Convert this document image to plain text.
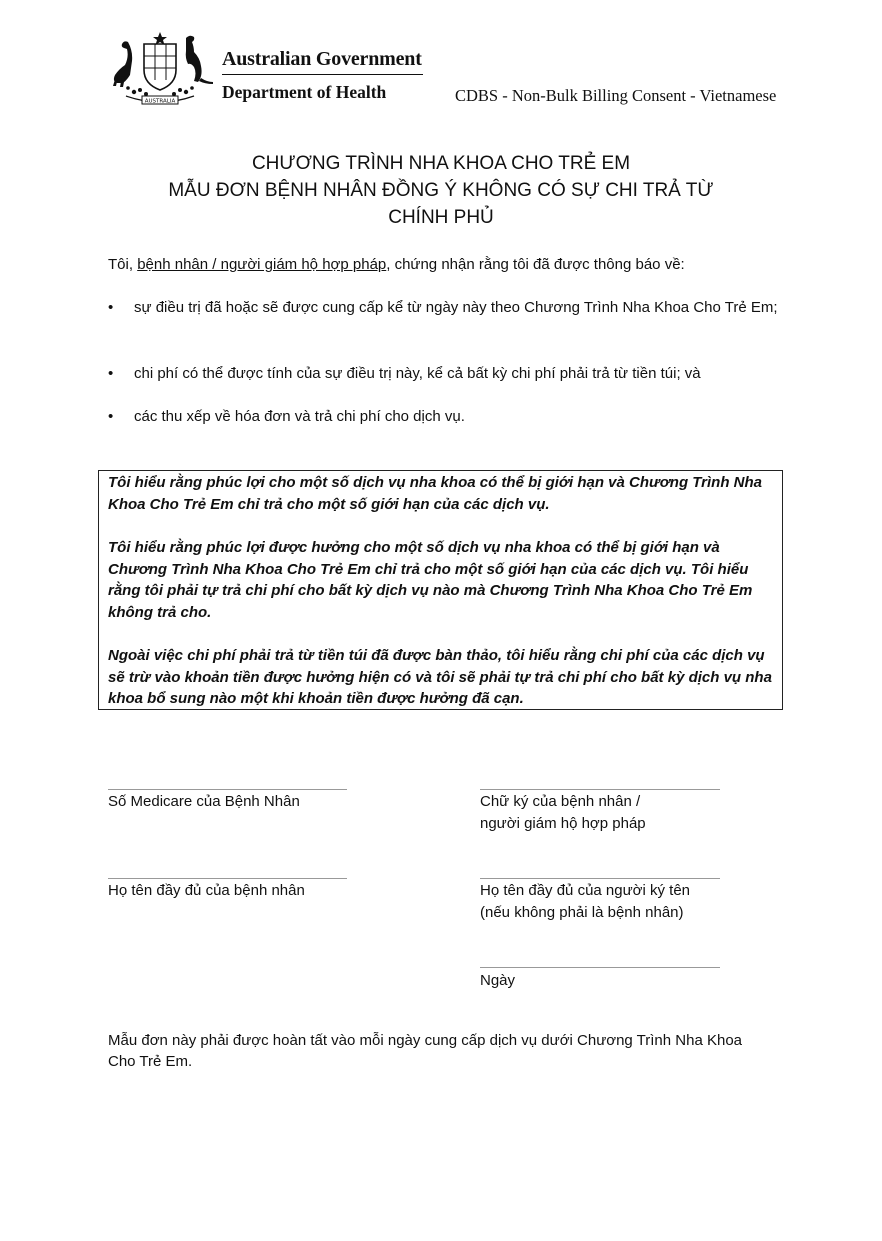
AUSTRALIA
Australian Government
Department of Health	CDBS - Non-Bulk Billing Consent - Vietnamese
CHƯƠNG TRÌNH NHA KHOA CHO TRẺ EM
MẪU ĐƠN BỆNH NHÂN ĐỒNG Ý KHÔNG CÓ SỰ CHI TRẢ TỪ
CHÍNH PHỦ
Tôi, bệnh nhân / người giám hộ hợp pháp, chứng nhận rằng tôi đã được thông báo về:
• sự điều trị đã hoặc sẽ được cung cấp kể từ ngày này theo Chương Trình Nha Khoa Cho Trẻ Em;
• chi phí có thể được tính của sự điều trị này, kể cả bất kỳ chi phí phải trả từ tiền túi; và
• các thu xếp về hóa đơn và trả chi phí cho dịch vụ.

Tôi hiểu rằng phúc lợi cho một số dịch vụ nha khoa có thể bị giới hạn và Chương Trình Nha Khoa Cho Trẻ Em chỉ trả cho một số giới hạn của các dịch vụ.

Tôi hiểu rằng phúc lợi được hưởng cho một số dịch vụ nha khoa có thể bị giới hạn và Chương Trình Nha Khoa Cho Trẻ Em chỉ trả cho một số giới hạn của các dịch vụ. Tôi hiểu rằng tôi phải tự trả chi phí cho bất kỳ dịch vụ nào mà Chương Trình Nha Khoa Cho Trẻ Em không trả cho.

Ngoài việc chi phí phải trả từ tiền túi đã được bàn thảo, tôi hiểu rằng chi phí của các dịch vụ sẽ trừ vào khoản tiền được hưởng hiện có và tôi sẽ phải tự trả chi phí cho bất kỳ dịch vụ nha khoa bổ sung nào một khi khoản tiền được hưởng đã cạn.

Số Medicare của Bệnh Nhân	Chữ ký của bệnh nhân /
người giám hộ hợp pháp
Họ tên đầy đủ của bệnh nhân	Họ tên đầy đủ của người ký tên
(nếu không phải là bệnh nhân)
Ngày
Mẫu đơn này phải được hoàn tất vào mỗi ngày cung cấp dịch vụ dưới Chương Trình Nha Khoa Cho Trẻ Em.
